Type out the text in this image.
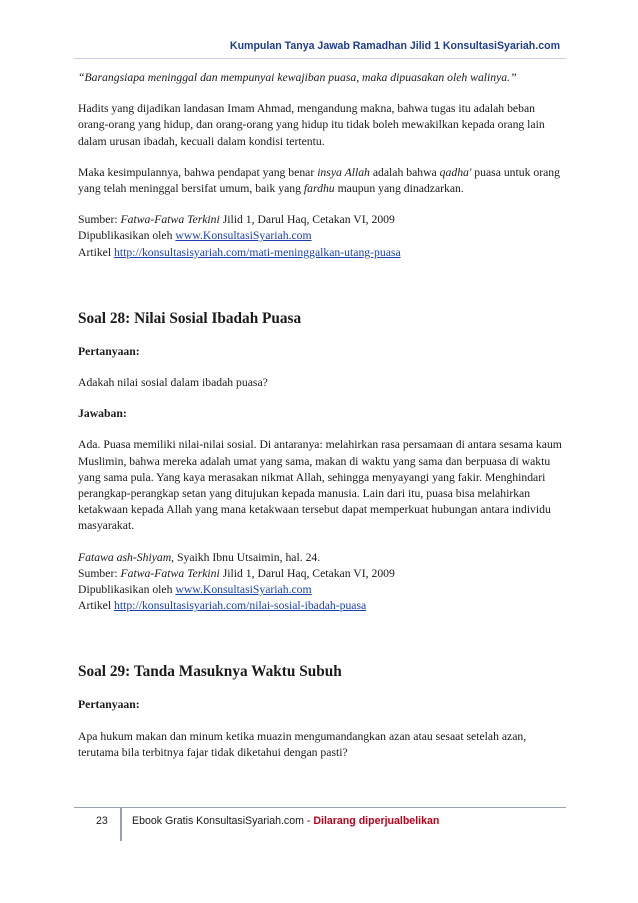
Kumpulan Tanya Jawab Ramadhan Jilid 1 KonsultasiSyariah.com

“Barangsiapa meninggal dan mempunyai kewajiban puasa, maka dipuasakan oleh walinya.”

Hadits yang dijadikan landasan Imam Ahmad, mengandung makna, bahwa tugas itu adalah beban orang-orang yang hidup, dan orang-orang yang hidup itu tidak boleh mewakilkan kepada orang lain dalam urusan ibadah, kecuali dalam kondisi tertentu.

Maka kesimpulannya, bahwa pendapat yang benar insya Allah adalah bahwa qadha' puasa untuk orang yang telah meninggal bersifat umum, baik yang fardhu maupun yang dinadzarkan.

Sumber: Fatwa-Fatwa Terkini Jilid 1, Darul Haq, Cetakan VI, 2009

Dipublikasikan oleh www.KonsultasiSyariah.com

Artikel http://konsultasisyariah.com/mati-meninggalkan-utang-puasa

Soal 28: Nilai Sosial Ibadah Puasa

Pertanyaan:

Adakah nilai sosial dalam ibadah puasa?

Jawaban:

Ada. Puasa memiliki nilai-nilai sosial. Di antaranya: melahirkan rasa persamaan di antara sesama kaum Muslimin, bahwa mereka adalah umat yang sama, makan di waktu yang sama dan berpuasa di waktu yang sama pula. Yang kaya merasakan nikmat Allah, sehingga menyayangi yang fakir. Menghindari perangkap-perangkap setan yang ditujukan kepada manusia. Lain dari itu, puasa bisa melahirkan ketakwaan kepada Allah yang mana ketakwaan tersebut dapat memperkuat hubungan antara individu masyarakat.

Fatawa ash-Shiyam, Syaikh Ibnu Utsaimin, hal. 24.

Sumber: Fatwa-Fatwa Terkini Jilid 1, Darul Haq, Cetakan VI, 2009

Dipublikasikan oleh www.KonsultasiSyariah.com

Artikel http://konsultasisyariah.com/nilai-sosial-ibadah-puasa

Soal 29: Tanda Masuknya Waktu Subuh

Pertanyaan:

Apa hukum makan dan minum ketika muazin mengumandangkan azan atau sesaat setelah azan, terutama bila terbitnya fajar tidak diketahui dengan pasti?

23 Ebook Gratis KonsultasiSyariah.com - Dilarang diperjualbelikan
